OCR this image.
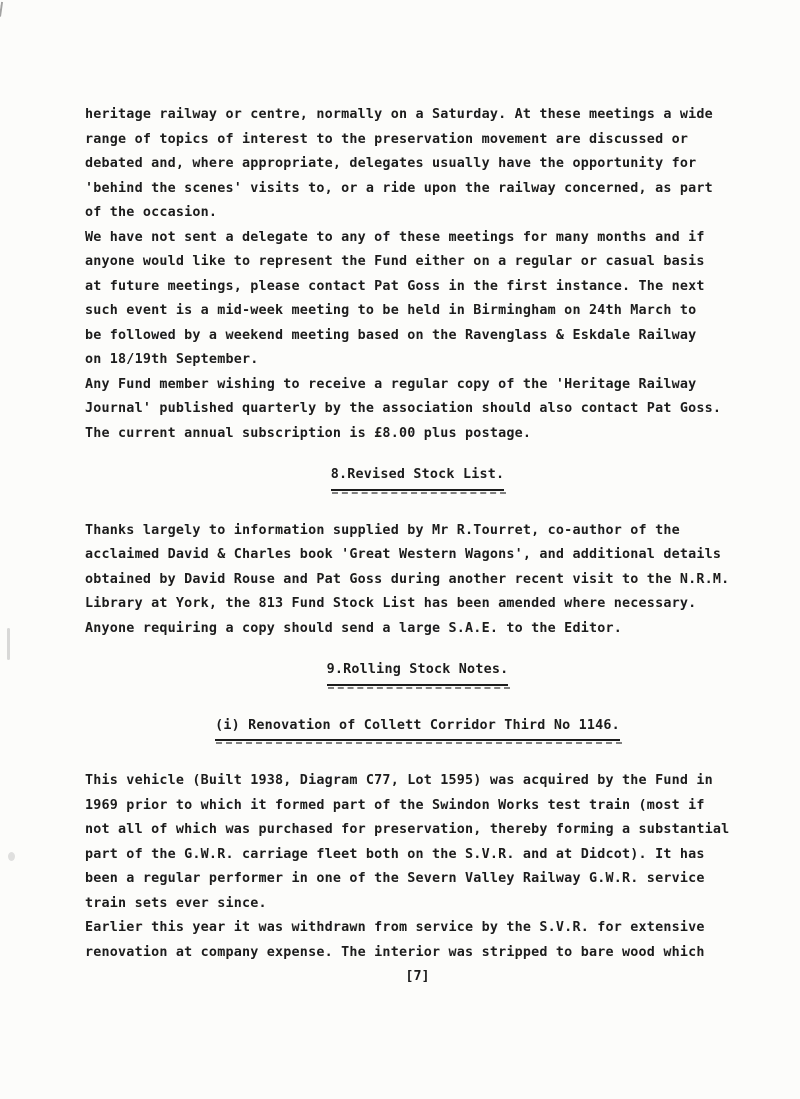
heritage railway or centre, normally on a Saturday. At these meetings a wide
range of topics of interest to the preservation movement are discussed or
debated and, where appropriate, delegates usually have the opportunity for
'behind the scenes' visits to, or a ride upon the railway concerned, as part
of the occasion.
We have not sent a delegate to any of these meetings for many months and if
anyone would like to represent the Fund either on a regular or casual basis
at future meetings, please contact Pat Goss in the first instance. The next
such event is a mid-week meeting to be held in Birmingham on 24th March to
be followed by a weekend meeting based on the Ravenglass & Eskdale Railway
on 18/19th September.
Any Fund member wishing to receive a regular copy of the 'Heritage Railway
Journal' published quarterly by the association should also contact Pat Goss.
The current annual subscription is £8.00 plus postage.
8.Revised Stock List.
Thanks largely to information supplied by Mr R.Tourret, co-author of the
acclaimed David & Charles book 'Great Western Wagons', and additional details
obtained by David Rouse and Pat Goss during another recent visit to the N.R.M.
Library at York, the 813 Fund Stock List has been amended where necessary.
Anyone requiring a copy should send a large S.A.E. to the Editor.
9.Rolling Stock Notes.
(i) Renovation of Collett Corridor Third No 1146.
This vehicle (Built 1938, Diagram C77, Lot 1595) was acquired by the Fund in
1969 prior to which it formed part of the Swindon Works test train (most if
not all of which was purchased for preservation, thereby forming a substantial
part of the G.W.R. carriage fleet both on the S.V.R. and at Didcot). It has
been a regular performer in one of the Severn Valley Railway G.W.R. service
train sets ever since.
Earlier this year it was withdrawn from service by the S.V.R. for extensive
renovation at company expense. The interior was stripped to bare wood which
[7]
